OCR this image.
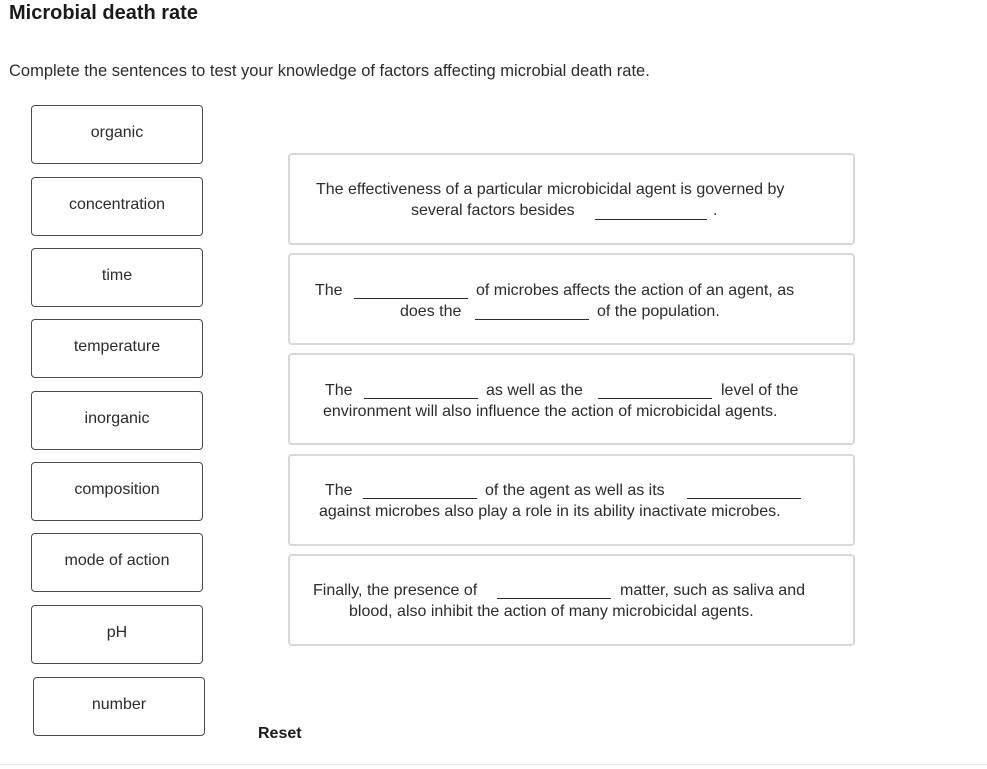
Microbial death rate
Complete the sentences to test your knowledge of factors affecting microbial death rate.
organic
concentration
time
temperature
inorganic
composition
mode of action
pH
number
The effectiveness of a particular microbicidal agent is governed by
several factors besides	.
The	of microbes affects the action of an agent, as
does the	of the population.
The	as well as the	level of the
environment will also influence the action of microbicidal agents.
The	of the agent as well as its
against microbes also play a role in its ability inactivate microbes.
Finally, the presence of	matter, such as saliva and
blood, also inhibit the action of many microbicidal agents.
Reset
